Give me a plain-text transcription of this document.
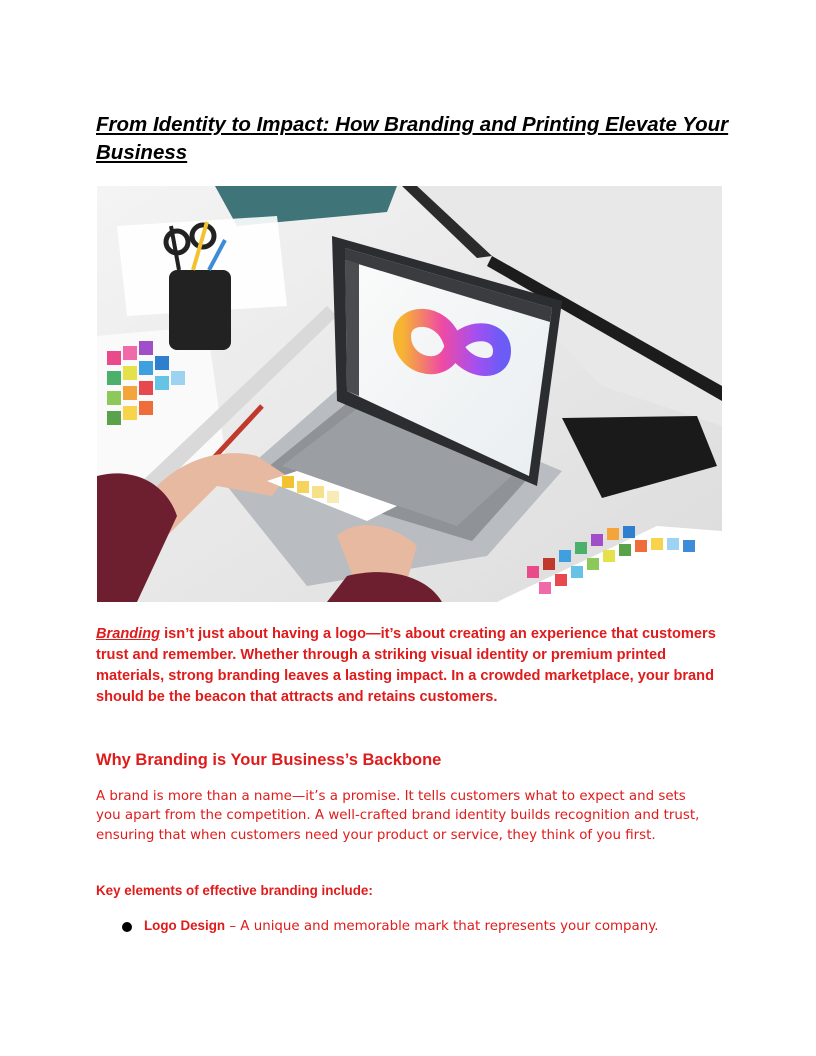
From Identity to Impact: How Branding and Printing Elevate Your Business

Branding isn’t just about having a logo—it’s about creating an experience that customers trust and remember. Whether through a striking visual identity or premium printed materials, strong branding leaves a lasting impact. In a crowded marketplace, your brand should be the beacon that attracts and retains customers.

Why Branding is Your Business’s Backbone

A brand is more than a name—it’s a promise. It tells customers what to expect and sets you apart from the competition. A well-crafted brand identity builds recognition and trust, ensuring that when customers need your product or service, they think of you first.

Key elements of effective branding include:

Logo Design – A unique and memorable mark that represents your company.
